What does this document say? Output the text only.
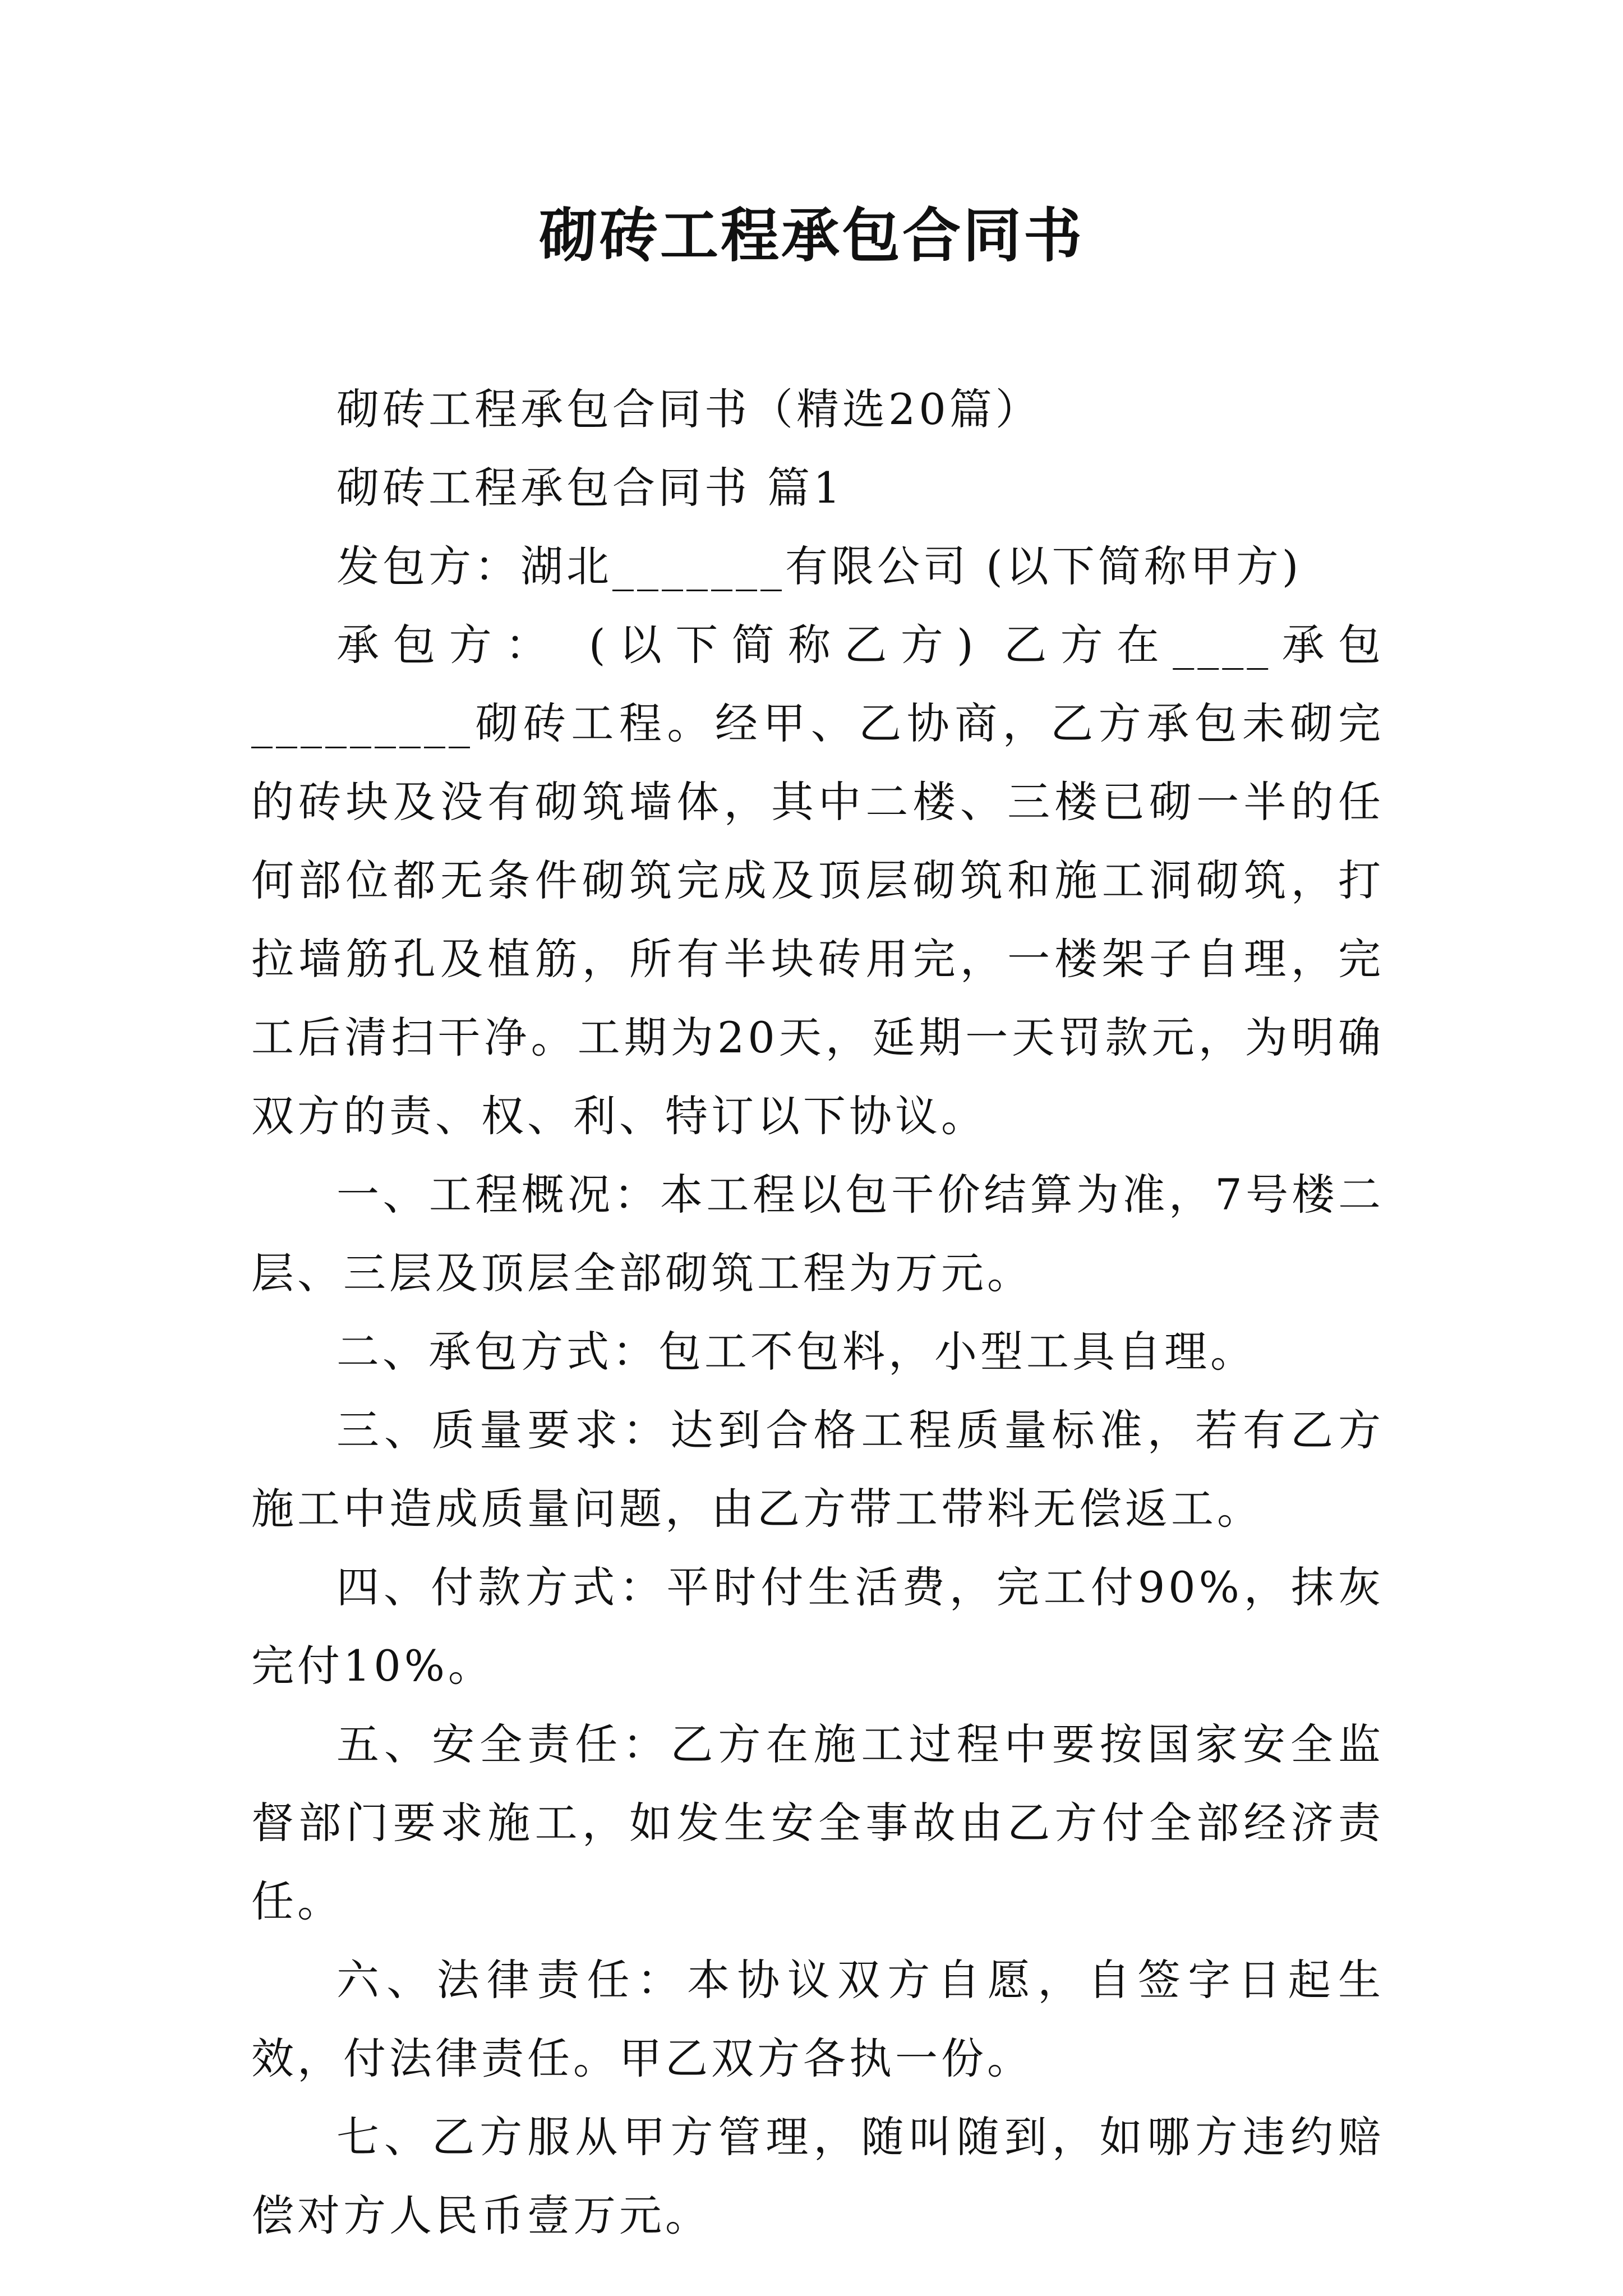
砌砖工程承包合同书

砌砖工程承包合同书（精选20篇）

砌砖工程承包合同书 篇1

发包方：湖北_______有限公司 (以下简称甲方)

承包方： (以下简称乙方) 乙方在____承包_________砌砖工程。经甲、乙协商，乙方承包未砌完的砖块及没有砌筑墙体，其中二楼、三楼已砌一半的任何部位都无条件砌筑完成及顶层砌筑和施工洞砌筑，打拉墙筋孔及植筋，所有半块砖用完，一楼架子自理，完工后清扫干净。工期为20天，延期一天罚款元，为明确双方的责、权、利、特订以下协议。

一、工程概况：本工程以包干价结算为准，7号楼二层、三层及顶层全部砌筑工程为万元。

二、承包方式：包工不包料，小型工具自理。

三、质量要求：达到合格工程质量标准，若有乙方施工中造成质量问题，由乙方带工带料无偿返工。

四、付款方式：平时付生活费，完工付90%，抹灰完付10%。

五、安全责任：乙方在施工过程中要按国家安全监督部门要求施工，如发生安全事故由乙方付全部经济责任。

六、法律责任：本协议双方自愿，自签字日起生效，付法律责任。甲乙双方各执一份。

七、乙方服从甲方管理，随叫随到，如哪方违约赔偿对方人民币壹万元。
